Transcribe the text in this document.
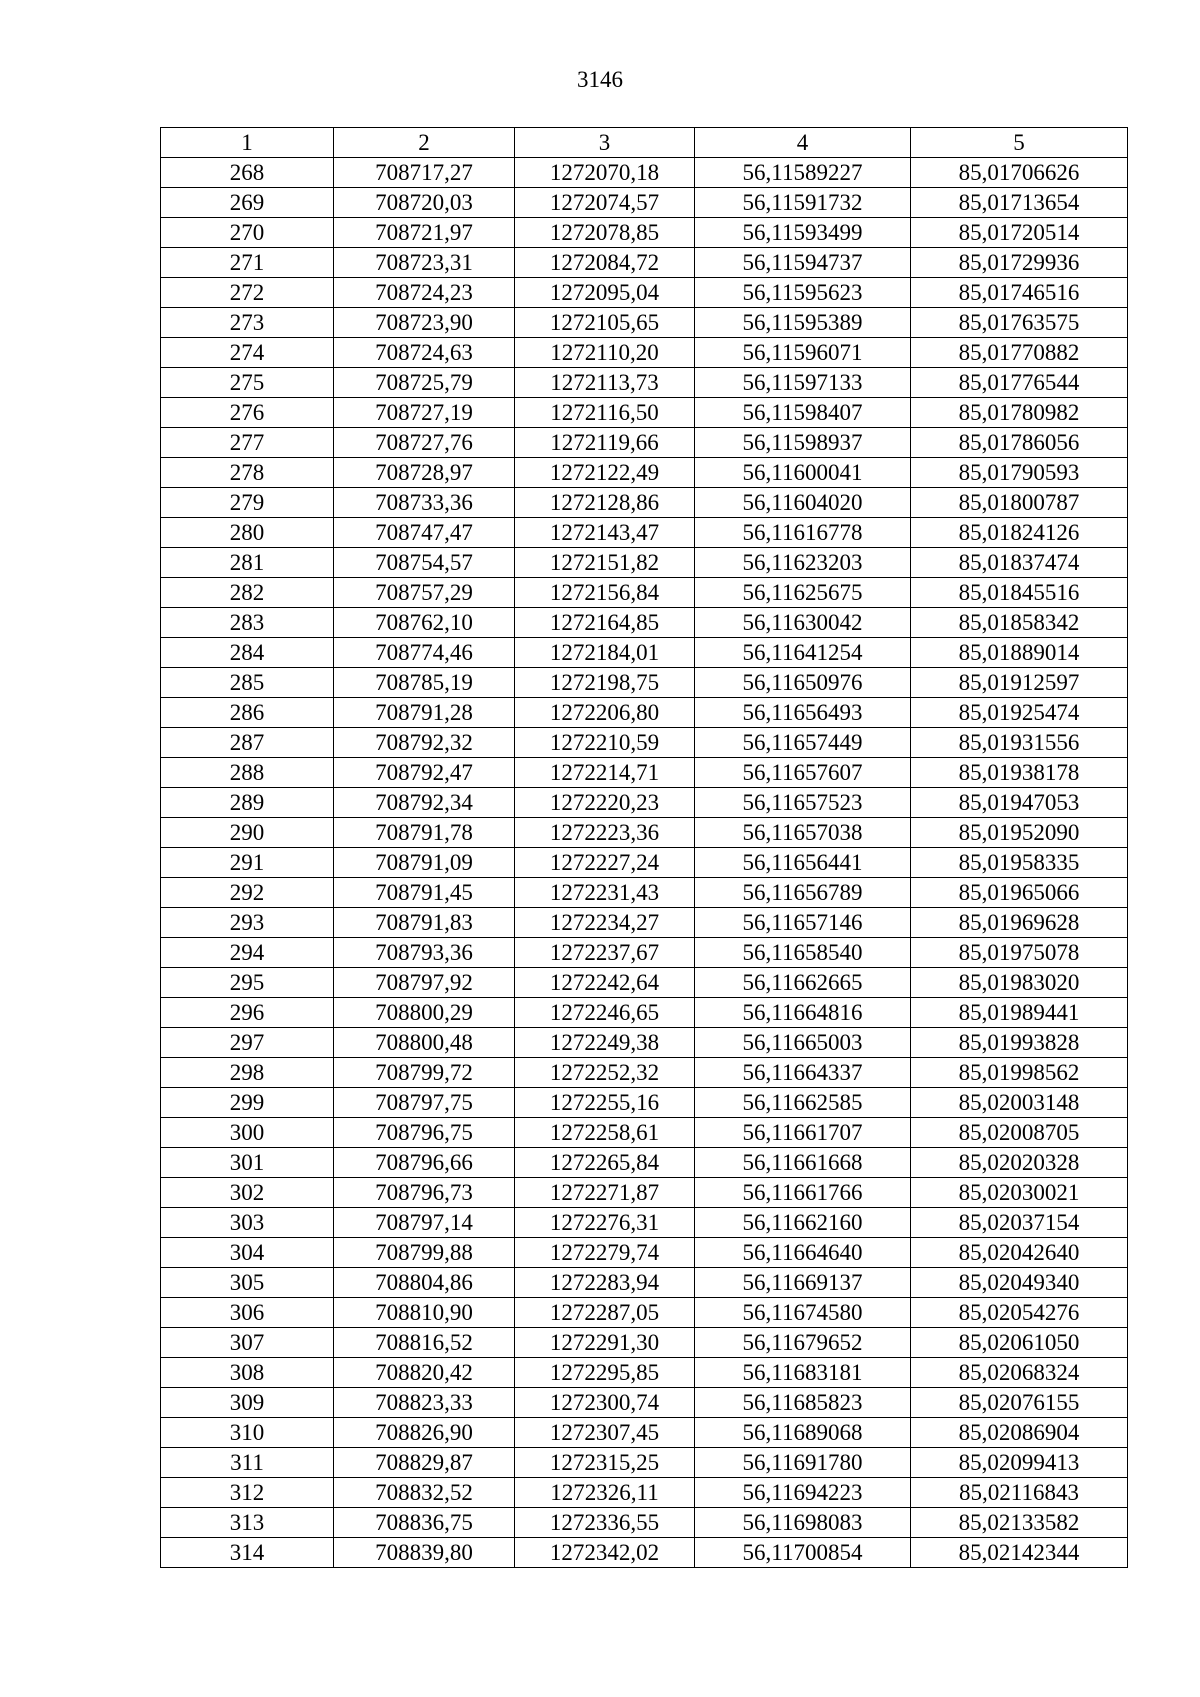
3146
1	2	3	4	5
268	708717,27	1272070,18	56,11589227	85,01706626
269	708720,03	1272074,57	56,11591732	85,01713654
270	708721,97	1272078,85	56,11593499	85,01720514
271	708723,31	1272084,72	56,11594737	85,01729936
272	708724,23	1272095,04	56,11595623	85,01746516
273	708723,90	1272105,65	56,11595389	85,01763575
274	708724,63	1272110,20	56,11596071	85,01770882
275	708725,79	1272113,73	56,11597133	85,01776544
276	708727,19	1272116,50	56,11598407	85,01780982
277	708727,76	1272119,66	56,11598937	85,01786056
278	708728,97	1272122,49	56,11600041	85,01790593
279	708733,36	1272128,86	56,11604020	85,01800787
280	708747,47	1272143,47	56,11616778	85,01824126
281	708754,57	1272151,82	56,11623203	85,01837474
282	708757,29	1272156,84	56,11625675	85,01845516
283	708762,10	1272164,85	56,11630042	85,01858342
284	708774,46	1272184,01	56,11641254	85,01889014
285	708785,19	1272198,75	56,11650976	85,01912597
286	708791,28	1272206,80	56,11656493	85,01925474
287	708792,32	1272210,59	56,11657449	85,01931556
288	708792,47	1272214,71	56,11657607	85,01938178
289	708792,34	1272220,23	56,11657523	85,01947053
290	708791,78	1272223,36	56,11657038	85,01952090
291	708791,09	1272227,24	56,11656441	85,01958335
292	708791,45	1272231,43	56,11656789	85,01965066
293	708791,83	1272234,27	56,11657146	85,01969628
294	708793,36	1272237,67	56,11658540	85,01975078
295	708797,92	1272242,64	56,11662665	85,01983020
296	708800,29	1272246,65	56,11664816	85,01989441
297	708800,48	1272249,38	56,11665003	85,01993828
298	708799,72	1272252,32	56,11664337	85,01998562
299	708797,75	1272255,16	56,11662585	85,02003148
300	708796,75	1272258,61	56,11661707	85,02008705
301	708796,66	1272265,84	56,11661668	85,02020328
302	708796,73	1272271,87	56,11661766	85,02030021
303	708797,14	1272276,31	56,11662160	85,02037154
304	708799,88	1272279,74	56,11664640	85,02042640
305	708804,86	1272283,94	56,11669137	85,02049340
306	708810,90	1272287,05	56,11674580	85,02054276
307	708816,52	1272291,30	56,11679652	85,02061050
308	708820,42	1272295,85	56,11683181	85,02068324
309	708823,33	1272300,74	56,11685823	85,02076155
310	708826,90	1272307,45	56,11689068	85,02086904
311	708829,87	1272315,25	56,11691780	85,02099413
312	708832,52	1272326,11	56,11694223	85,02116843
313	708836,75	1272336,55	56,11698083	85,02133582
314	708839,80	1272342,02	56,11700854	85,02142344
